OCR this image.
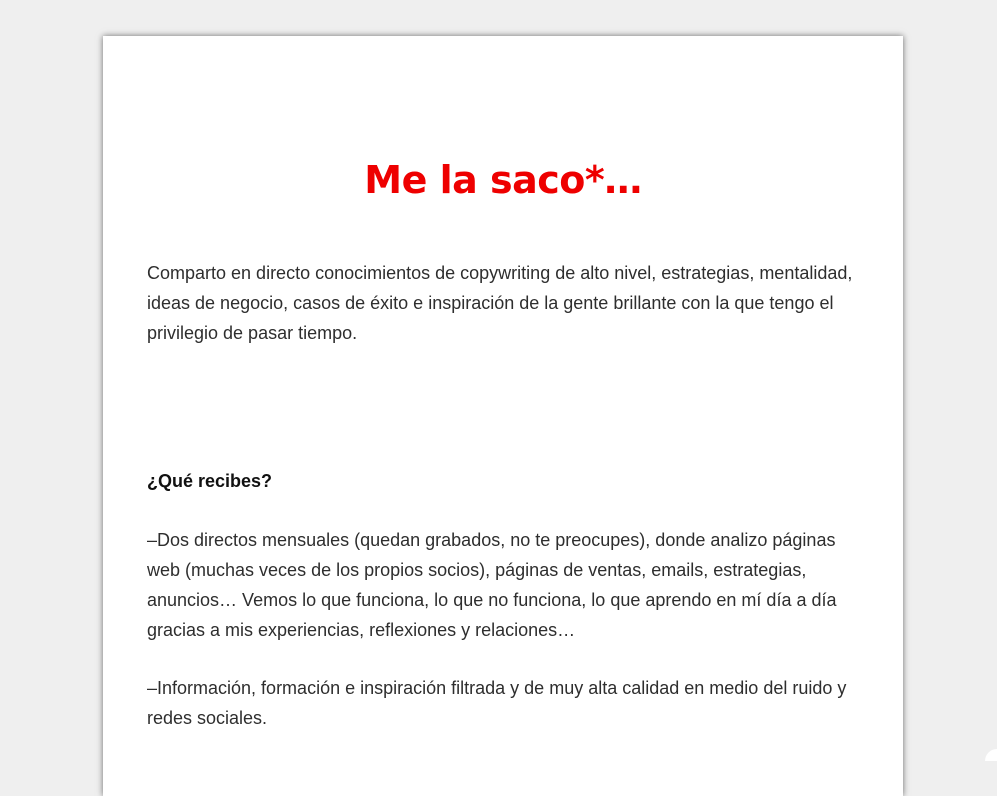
Me la saco*…

Comparto en directo conocimientos de copywriting de alto nivel, estrategias, mentalidad, ideas de negocio, casos de éxito e inspiración de la gente brillante con la que tengo el privilegio de pasar tiempo.

¿Qué recibes?

–Dos directos mensuales (quedan grabados, no te preocupes), donde analizo páginas web (muchas veces de los propios socios), páginas de ventas, emails, estrategias, anuncios… Vemos lo que funciona, lo que no funciona, lo que aprendo en mí día a día gracias a mis experiencias, reflexiones y relaciones…

–Información, formación e inspiración filtrada y de muy alta calidad en medio del ruido y redes sociales.
